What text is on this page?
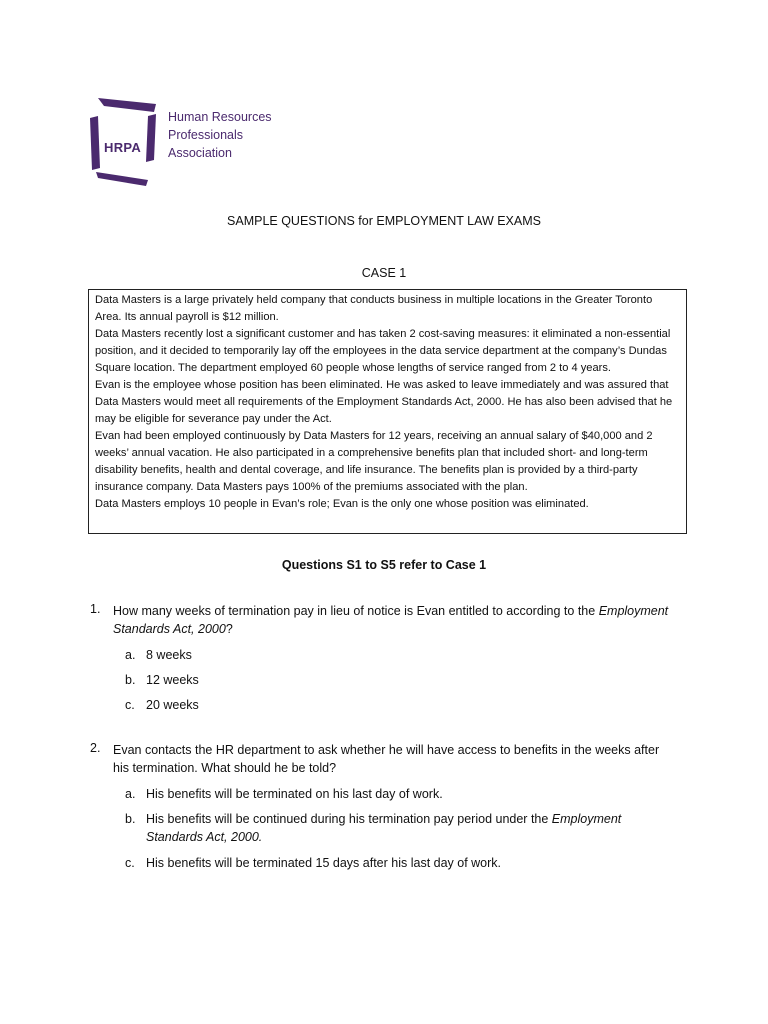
HRPA
Human Resources
Professionals
Association
SAMPLE QUESTIONS for EMPLOYMENT LAW EXAMS
CASE 1

Data Masters is a large privately held company that conducts business in multiple locations in the Greater Toronto Area. Its annual payroll is $12 million.

Data Masters recently lost a significant customer and has taken 2 cost-saving measures: it eliminated a non-essential position, and it decided to temporarily lay off the employees in the data service department at the company’s Dundas Square location. The department employed 60 people whose lengths of service ranged from 2 to 4 years.

Evan is the employee whose position has been eliminated. He was asked to leave immediately and was assured that Data Masters would meet all requirements of the Employment Standards Act, 2000. He has also been advised that he may be eligible for severance pay under the Act.

Evan had been employed continuously by Data Masters for 12 years, receiving an annual salary of $40,000 and 2 weeks’ annual vacation. He also participated in a comprehensive benefits plan that included short- and long-term disability benefits, health and dental coverage, and life insurance. The benefits plan is provided by a third-party insurance company. Data Masters pays 100% of the premiums associated with the plan.

Data Masters employs 10 people in Evan’s role; Evan is the only one whose position was eliminated.

Questions S1 to S5 refer to Case 1
1. How many weeks of termination pay in lieu of notice is Evan entitled to according to the Employment Standards Act, 2000?
a. 8 weeks
b. 12 weeks
c. 20 weeks
2. Evan contacts the HR department to ask whether he will have access to benefits in the weeks after his termination. What should he be told?
a. His benefits will be terminated on his last day of work.
b. His benefits will be continued during his termination pay period under the Employment Standards Act, 2000.
c. His benefits will be terminated 15 days after his last day of work.
